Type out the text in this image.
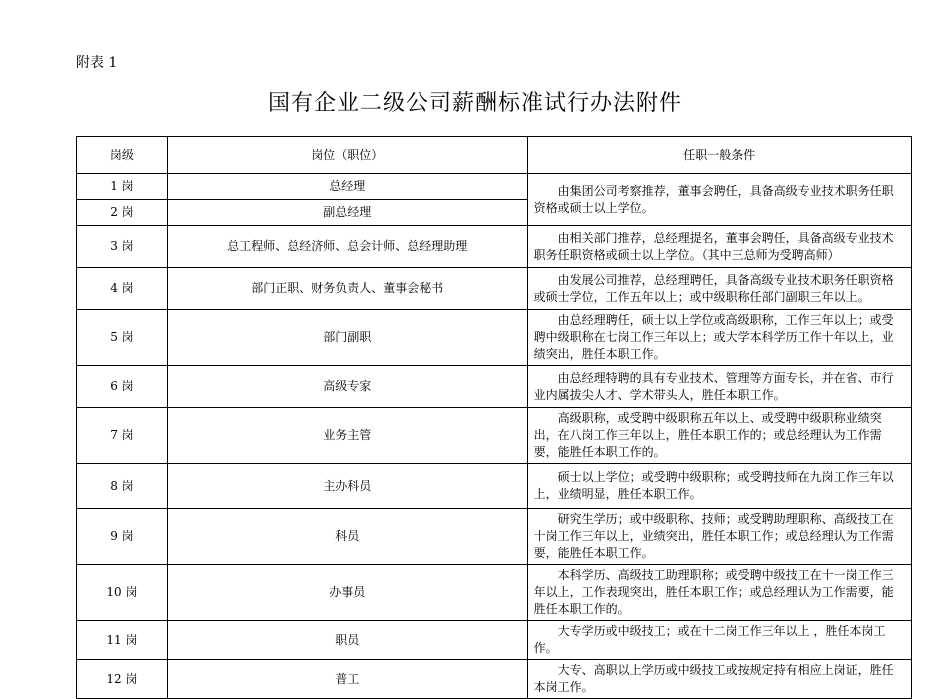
附表 1
国有企业二级公司薪酬标准试行办法附件
岗级	岗位（职位）	任职一般条件
1 岗	总经理	由集团公司考察推荐，董事会聘任，具备高级专业技术职务任职资格或硕士以上学位。
2 岗	副总经理	
3 岗	总工程师、总经济师、总会计师、总经理助理	由相关部门推荐，总经理提名，董事会聘任，具备高级专业技术职务任职资格或硕士以上学位。（其中三总师为受聘高师）
4 岗	部门正职、财务负责人、董事会秘书	由发展公司推荐，总经理聘任，具备高级专业技术职务任职资格或硕士学位，工作五年以上；或中级职称任部门副职三年以上。
5 岗	部门副职	由总经理聘任，硕士以上学位或高级职称，工作三年以上；或受聘中级职称在七岗工作三年以上；或大学本科学历工作十年以上，业绩突出，胜任本职工作。
6 岗	高级专家	由总经理特聘的具有专业技术、管理等方面专长，并在省、市行业内属拔尖人才、学术带头人，胜任本职工作。
7 岗	业务主管	高级职称，或受聘中级职称五年以上、或受聘中级职称业绩突出，在八岗工作三年以上，胜任本职工作的；或总经理认为工作需要，能胜任本职工作的。
8 岗	主办科员	硕士以上学位；或受聘中级职称；或受聘技师在九岗工作三年以上，业绩明显，胜任本职工作。
9 岗	科员	研究生学历；或中级职称、技师；或受聘助理职称、高级技工在十岗工作三年以上，业绩突出，胜任本职工作；或总经理认为工作需要，能胜任本职工作。
10 岗	办事员	本科学历、高级技工助理职称；或受聘中级技工在十一岗工作三年以上，工作表现突出，胜任本职工作；或总经理认为工作需要，能胜任本职工作的。
11 岗	职员	大专学历或中级技工；或在十二岗工作三年以上 ，胜任本岗工作。
12 岗	普工	大专、高职以上学历或中级技工或按规定持有相应上岗证，胜任本岗工作。
